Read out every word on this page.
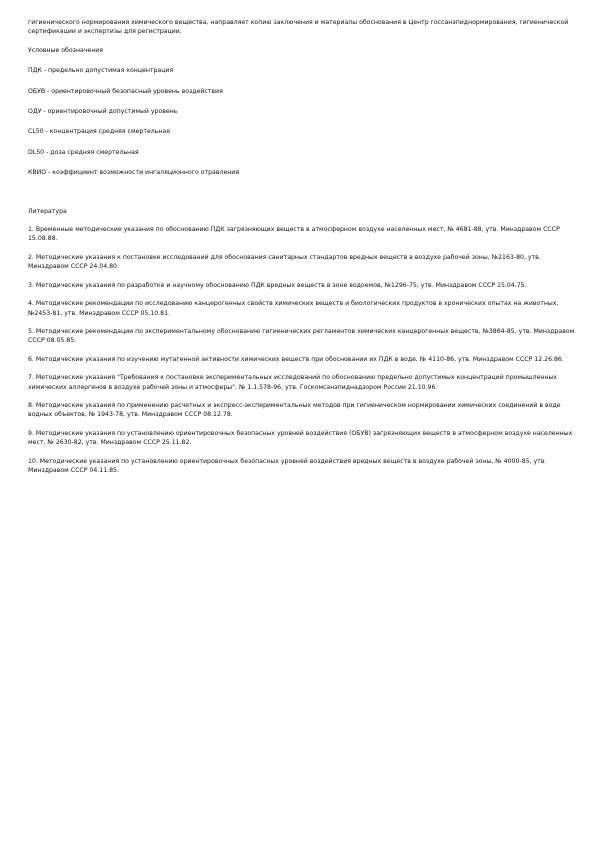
гигиенического нормирования химического вещества, направляет копию заключения и материалы обоснования в Центр госсанэпиднормирования, гигиенической сертификации и экспертизы для регистрации.

Условные обозначения

ПДК - предельно допустимая концентрация

ОБУВ - ориентировочный безопасный уровень воздействия

ОДУ - ориентировочный допустимый уровень

CL50 - концентрация средняя смертельная

DL50 - доза средняя смертельная

КВИО - коэффициент возможности ингаляционного отравления

Литература

1. Временные методические указания по обоснованию ПДК загрязняющих веществ в атмосферном воздухе населенных мест, № 4681-88, утв. Минздравом СССР 15.08.88.

2. Методические указания к постановке исследований для обоснования санитарных стандартов вредных веществ в воздухе рабочей зоны, №2163-80, утв. Минздравом СССР 24.04.80.

3. Методические указания по разработке и научному обоснованию ПДК вредных веществ в зоне водоемов, №1296-75, утв. Минздравом СССР 15.04.75.

4. Методические рекомендации по исследованию канцерогенных свойств химических веществ и биологических продуктов в хронических опытах на животных, №2453-81, утв. Минздравом СССР 05.10.81.

5. Методические рекомендации по экспериментальному обоснованию гигиенических регламентов химических канцерогенных веществ, №3864-85, утв. Минздравом СССР 08.05.85.

6. Методические указания по изучению мутагенной активности химических веществ при обосновании их ПДК в воде, № 4110-86, утв. Минздравом СССР 12.26.86.

7. Методические указания "Требования к постановке экспериментальных исследований по обоснованию предельно допустимых концентраций промышленных химических аллергенов в воздухе рабочей зоны и атмосферы", № 1.1.578-96, утв. Госкомсанэпиднадзором России 21.10.96.

8. Методические указания по применению расчетных и экспресс-экспериментальных методов при гигиеническом нормировании химических соединений в воде водных объектов, № 1943-78, утв. Минздравом СССР 08.12.78.

9. Методические указания по установлению ориентировочных безопасных уровней воздействия (ОБУВ) загрязняющих веществ в атмосферном воздухе населенных мест, № 2630-82, утв. Минздравом СССР 25.11.82.

10. Методические указания по установлению ориентировочных безопасных уровней воздействия вредных веществ в воздухе рабочей зоны, № 4000-85, утв. Минздравом СССР 04.11.85.
